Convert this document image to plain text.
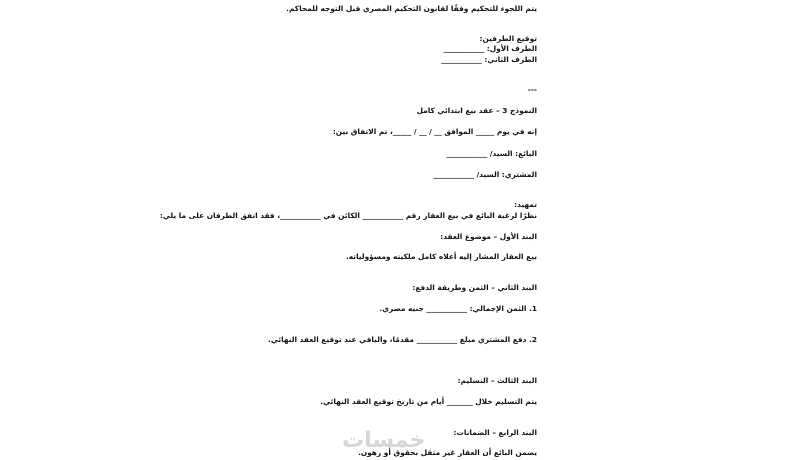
يتم اللجوء للتحكيم وفقًا لقانون التحكيم المصري قبل التوجه للمحاكم.
توقيع الطرفين:
الطرف الأول: ___________
الطرف الثاني: ___________
---
النموذج 3 – عقد بيع ابتدائي كامل
إنه في يوم _____ الموافق __ / __ / _____، تم الاتفاق بين:
البائع: السيد/ ___________
المشتري: السيد/ ___________
تمهيد:
نظرًا لرغبة البائع في بيع العقار رقم ___________ الكائن في ___________، فقد اتفق الطرفان على ما يلي:
البند الأول – موضوع العقد:
بيع العقار المشار إليه أعلاه كامل ملكيته ومسؤولياته.
البند الثاني – الثمن وطريقة الدفع:
1. الثمن الإجمالي: ___________ جنيه مصري.
2. دفع المشتري مبلغ ___________ مقدمًا، والباقي عند توقيع العقد النهائي.
البند الثالث – التسليم:
يتم التسليم خلال _______ أيام من تاريخ توقيع العقد النهائي.
البند الرابع – الضمانات:
يضمن البائع أن العقار غير مثقل بحقوق أو رهون.
خمسات
